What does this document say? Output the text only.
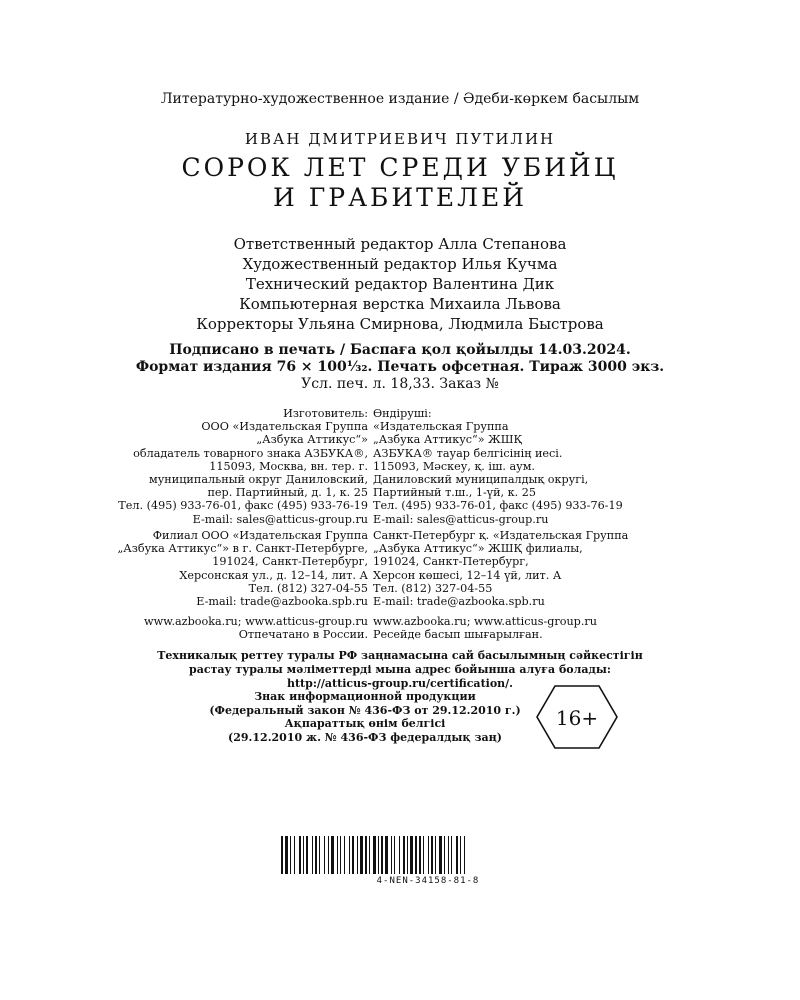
Литературно-художественное издание / Әдеби-көркем басылым
ИВАН ДМИТРИЕВИЧ ПУТИЛИН
СОРОК ЛЕТ СРЕДИ УБИЙЦ
И ГРАБИТЕЛЕЙ
Ответственный редактор Алла Степанова
Художественный редактор Илья Кучма
Технический редактор Валентина Дик
Компьютерная верстка Михаила Львова
Корректоры Ульяна Смирнова, Людмила Быстрова
Подписано в печать / Баспаға қол қойылды 14.03.2024.
Формат издания 76 × 100¹⁄₃₂. Печать офсетная. Тираж 3000 экз.
Усл. печ. л. 18,33. Заказ №
Изготовитель:
ООО «Издательская Группа
„Азбука Аттикус“»
обладатель товарного знака АЗБУКА®,
115093, Москва, вн. тер. г.
муниципальный округ Даниловский,
пер. Партийный, д. 1, к. 25
Тел. (495) 933-76-01, факс (495) 933-76-19
E-mail: sales@atticus-group.ru
Филиал ООО «Издательская Группа
„Азбука Аттикус“» в г. Санкт-Петербурге,
191024, Санкт-Петербург,
Херсонская ул., д. 12–14, лит. А
Тел. (812) 327-04-55
E-mail: trade@azbooka.spb.ru
www.azbooka.ru; www.atticus-group.ru
Отпечатано в России.
Өндіруші:
«Издательская Группа
„Азбука Аттикус“» ЖШҚ
АЗБУКА® тауар белгісінің иесі.
115093, Мәскеу, қ. іш. аум.
Даниловский муниципалдық округі,
Партийный т.ш., 1-үй, к. 25
Тел. (495) 933-76-01, факс (495) 933-76-19
E-mail: sales@atticus-group.ru
Санкт-Петербург қ. «Издательская Группа
„Азбука Аттикус“» ЖШҚ филиалы,
191024, Санкт-Петербург,
Херсон көшесі, 12–14 үй, лит. А
Тел. (812) 327-04-55
E-mail: trade@azbooka.spb.ru
www.azbooka.ru; www.atticus-group.ru
Ресейде басып шығарылған.
Техникалық реттеу туралы РФ заңнамасына сай басылымның сәйкестігін
растау туралы мәліметтерді мына адрес бойынша алуға болады:
http://atticus-group.ru/certification/.
Знак информационной продукции
(Федеральный закон № 436-ФЗ от 29.12.2010 г.)
Ақпараттық өнім белгісі
(29.12.2010 ж. № 436-ФЗ федералдық заң)
16+
4-NEN-34158-81-8
